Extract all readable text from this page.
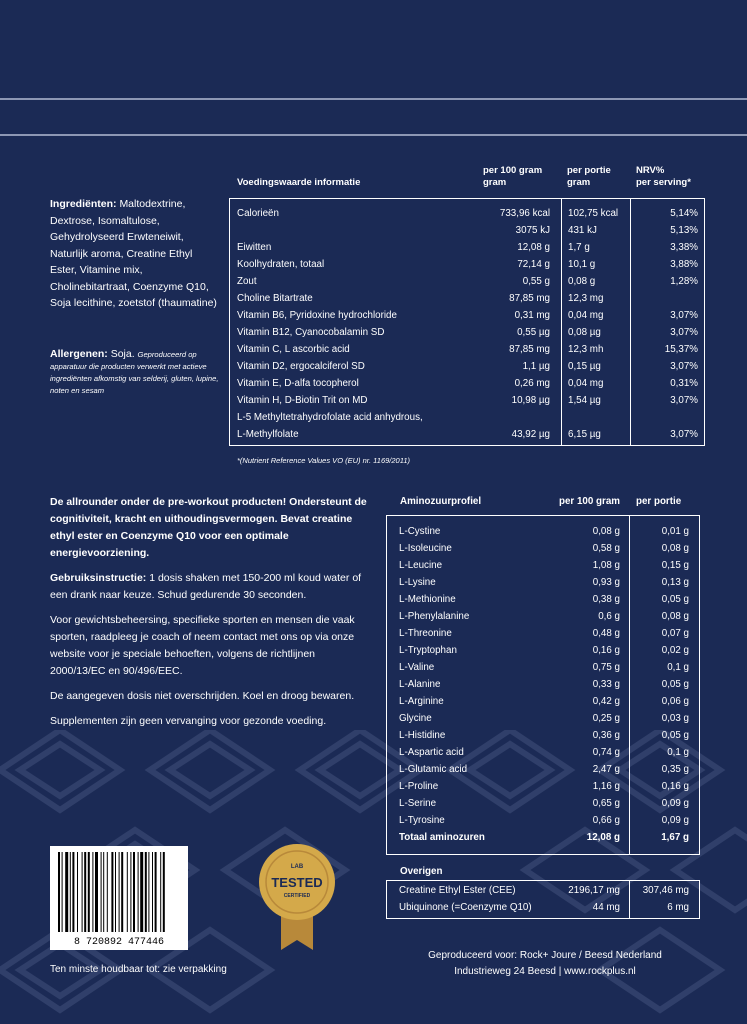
Ingrediënten: Maltodextrine, Dextrose, Isomaltulose, Gehydrolyseerd Erwteneiwit, Naturlijk aroma, Creatine Ethyl Ester, Vitamine mix, Cholinebitartraat, Coenzyme Q10, Soja lecithine, zoetstof (thaumatine)
Allergenen: Soja. Geproduceerd op apparatuur die producten verwerkt met actieve ingrediënten afkomstig van selderij, gluten, lupine, noten en sesam
Voedingswaarde informatie
per 100 gram
gram
per portie
gram
NRV%
per serving*
Calorieën	733,96 kcal 102,75 kcal	5,14%
3075 kJ 431 kJ	5,13%
Eiwitten	12,08 g 1,7 g	3,38%
Koolhydraten, totaal	72,14 g 10,1 g	3,88%
Zout	0,55 g 0,08 g	1,28%
Choline Bitartrate	87,85 mg 12,3 mg
Vitamin B6, Pyridoxine hydrochloride	0,31 mg 0,04 mg	3,07%
Vitamin B12, Cyanocobalamin SD	0,55 µg 0,08 µg	3,07%
Vitamin C, L ascorbic acid	87,85 mg 12,3 mh	15,37%
Vitamin D2, ergocalciferol SD	1,1 µg 0,15 µg	3,07%
Vitamin E, D-alfa tocopherol	0,26 mg 0,04 mg	0,31%
Vitamin H, D-Biotin Trit on MD	10,98 µg 1,54 µg	3,07%
L-5 Methyltetrahydrofolate acid anhydrous,
L-Methylfolate	43,92 µg 6,15 µg	3,07%
*(Nutrient Reference Values VO (EU) nr. 1169/2011)

De allrounder onder de pre-workout producten! Ondersteunt de cognitiviteit, kracht en uithoudingsvermogen. Bevat creatine ethyl ester en Coenzyme Q10 voor een optimale energievoorziening.

Gebruiksinstructie: 1 dosis shaken met 150-200 ml koud water of een drank naar keuze. Schud gedurende 30 seconden.

Voor gewichtsbeheersing, specifieke sporten en mensen die vaak sporten, raadpleeg je coach of neem contact met ons op via onze website voor je speciale behoeften, volgens de richtlijnen 2000/13/EC en 90/496/EEC.

De aangegeven dosis niet overschrijden. Koel en droog bewaren.

Supplementen zijn geen vervanging voor gezonde voeding.

Aminozuurprofiel	per 100 gram per portie
L-Cystine	0,08 g	0,01 g
L-Isoleucine	0,58 g	0,08 g
L-Leucine	1,08 g	0,15 g
L-Lysine	0,93 g	0,13 g
L-Methionine	0,38 g	0,05 g
L-Phenylalanine	0,6 g	0,08 g
L-Threonine	0,48 g	0,07 g
L-Tryptophan	0,16 g	0,02 g
L-Valine	0,75 g	0,1 g
L-Alanine	0,33 g	0,05 g
L-Arginine	0,42 g	0,06 g
Glycine	0,25 g	0,03 g
L-Histidine	0,36 g	0,05 g
L-Aspartic acid	0,74 g	0,1 g
L-Glutamic acid	2,47 g	0,35 g
L-Proline	1,16 g	0,16 g
L-Serine	0,65 g	0,09 g
L-Tyrosine	0,66 g	0,09 g
Totaal aminozuren	12,08 g	1,67 g
Overigen
Creatine Ethyl Ester (CEE)	2196,17 mg 307,46 mg
Ubiquinone (=Coenzyme Q10)	44 mg	6 mg
8 720892 477446
LAB
TESTED
CERTIFIED
Geproduceerd voor: Rock+ Joure / Beesd Nederland
Industrieweg 24 Beesd | www.rockplus.nl
Ten minste houdbaar tot: zie verpakking
